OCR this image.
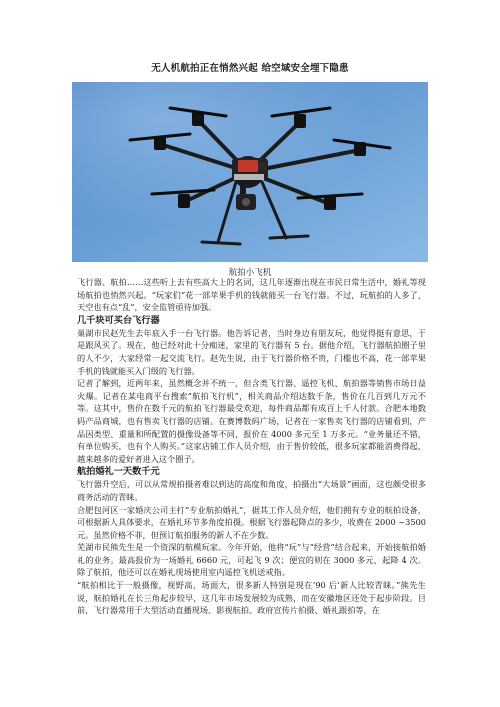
无人机航拍正在悄然兴起 给空域安全埋下隐患
航拍小飞机

飞行器、航拍……这些听上去有些高大上的名词，这几年逐渐出现在市民日常生活中，婚礼等现场航拍也悄然兴起。“玩家们”花一部苹果手机的钱就能买一台飞行器。不过，玩航拍的人多了，天空也有点“乱”，安全监管亟待加强。

几千块可买台飞行器

巢湖市民赵先生去年底入手一台飞行器。他告诉记者，当时身边有朋友玩，他觉得挺有意思，于是跟风买了。现在，他已经对此十分痴迷，家里的飞行器有 5 台。据他介绍，飞行器航拍圈子里的人不少，大家经常一起交流飞行。赵先生说，由于飞行器价格不贵，门槛也不高，花一部苹果手机的钱就能买入门级的飞行器。

记者了解到，近两年来，虽然概念并不统一，但含类飞行器、遥控飞机、航拍器等销售市场日益火爆。记者在某电商平台搜索“航拍飞行机”，相关商品介绍达数千条，售价在几百到几万元不等。这其中，售价在数千元的航拍飞行器最受欢迎，每件商品都有成百上千人付款。合肥本地数码产品商城，也有售卖飞行器的店铺。在赛博数码广场，记者在一家售卖飞行器的店铺看到，产品因类型、重量和所配置的摄像设备等不同，报价在 4000 多元至 1 万多元。“业务量还不错，有单位购买，也有个人购买。”这家店铺工作人员介绍，由于售价较低，很多玩家都能消费得起，越来越多的爱好者进入这个圈子。

航拍婚礼一天数千元

飞行器升空后，可以从常规拍摄者难以到达的高度和角度，拍摄出“大场景”画面，这也颇受很多商务活动的青睐。

合肥包河区一家婚庆公司主打“专业航拍婚礼”，据其工作人员介绍，他们拥有专业的航拍设备，可根据新人具体要求，在婚礼环节多角度拍摄。根据飞行器起降点的多少，收费在 2000 ~3500 元。虽然价格不菲，但预订航拍服务的新人不在少数。

芜湖市民熊先生是一个资深的航模玩家。今年开始，他将“玩”与“经营”结合起来，开始接航拍婚礼的业务。最高报价为一场婚礼 6660 元，可起飞 9 次；便宜的则在 3000 多元，起降 4 次。除了航拍，他还可以在婚礼现场使用室内遥控飞机送戒指。

“航拍相比于一般摄像，视野高，场面大，很多新人特别是现在‘90 后’新人比较青睐。”熊先生说，航拍婚礼在长三角起步较早，这几年市场发展较为成熟，而在安徽地区还处于起步阶段。目前，飞行器常用于大型活动直播现场、影视航拍、政府宣传片拍摄、婚礼跟拍等，在
